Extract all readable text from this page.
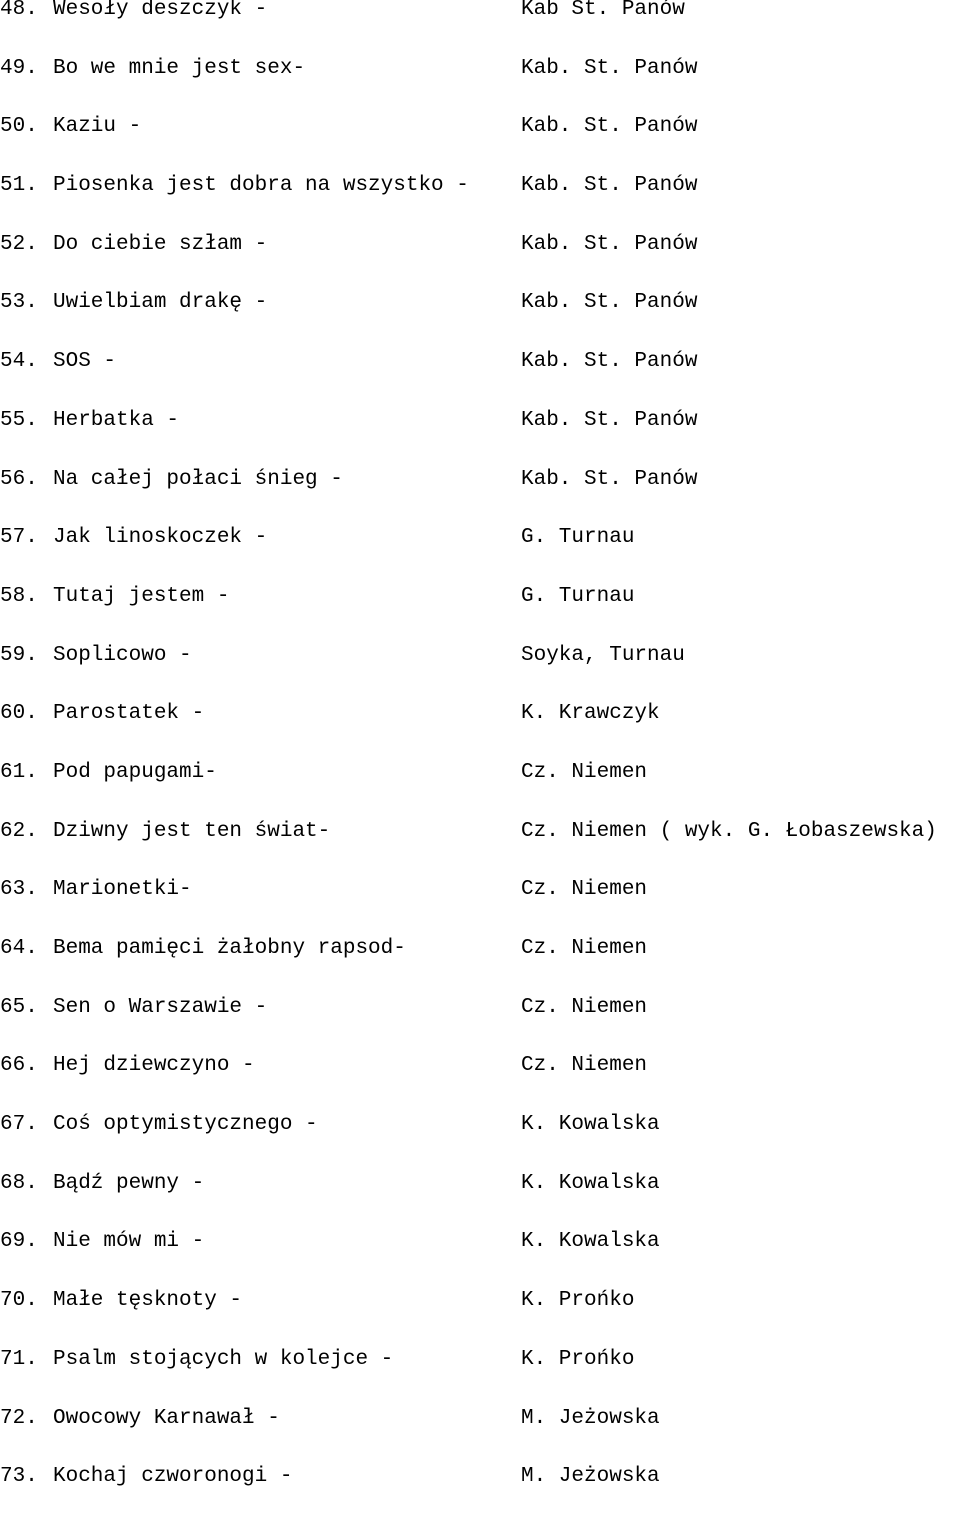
48. Wesoły deszczyk -	Kab St. Panów
49. Bo we mnie jest sex-	Kab. St. Panów
50. Kaziu -	Kab. St. Panów
51. Piosenka jest dobra na wszystko - Kab. St. Panów
52. Do ciebie szłam -	Kab. St. Panów
53. Uwielbiam drakę -	Kab. St. Panów
54. SOS -	Kab. St. Panów
55. Herbatka -	Kab. St. Panów
56. Na całej połaci śnieg -	Kab. St. Panów
57. Jak linoskoczek -	G. Turnau
58. Tutaj jestem -	G. Turnau
59. Soplicowo -	Soyka, Turnau
60. Parostatek -	K. Krawczyk
61. Pod papugami-	Cz. Niemen
62. Dziwny jest ten świat-	Cz. Niemen ( wyk. G. Łobaszewska)
63. Marionetki-	Cz. Niemen
64. Bema pamięci żałobny rapsod-	Cz. Niemen
65. Sen o Warszawie -	Cz. Niemen
66. Hej dziewczyno -	Cz. Niemen
67. Coś optymistycznego -	K. Kowalska
68. Bądź pewny -	K. Kowalska
69. Nie mów mi -	K. Kowalska
70. Małe tęsknoty -	K. Prońko
71. Psalm stojących w kolejce -	K. Prońko
72. Owocowy Karnawał -	M. Jeżowska
73. Kochaj czworonogi -	M. Jeżowska
